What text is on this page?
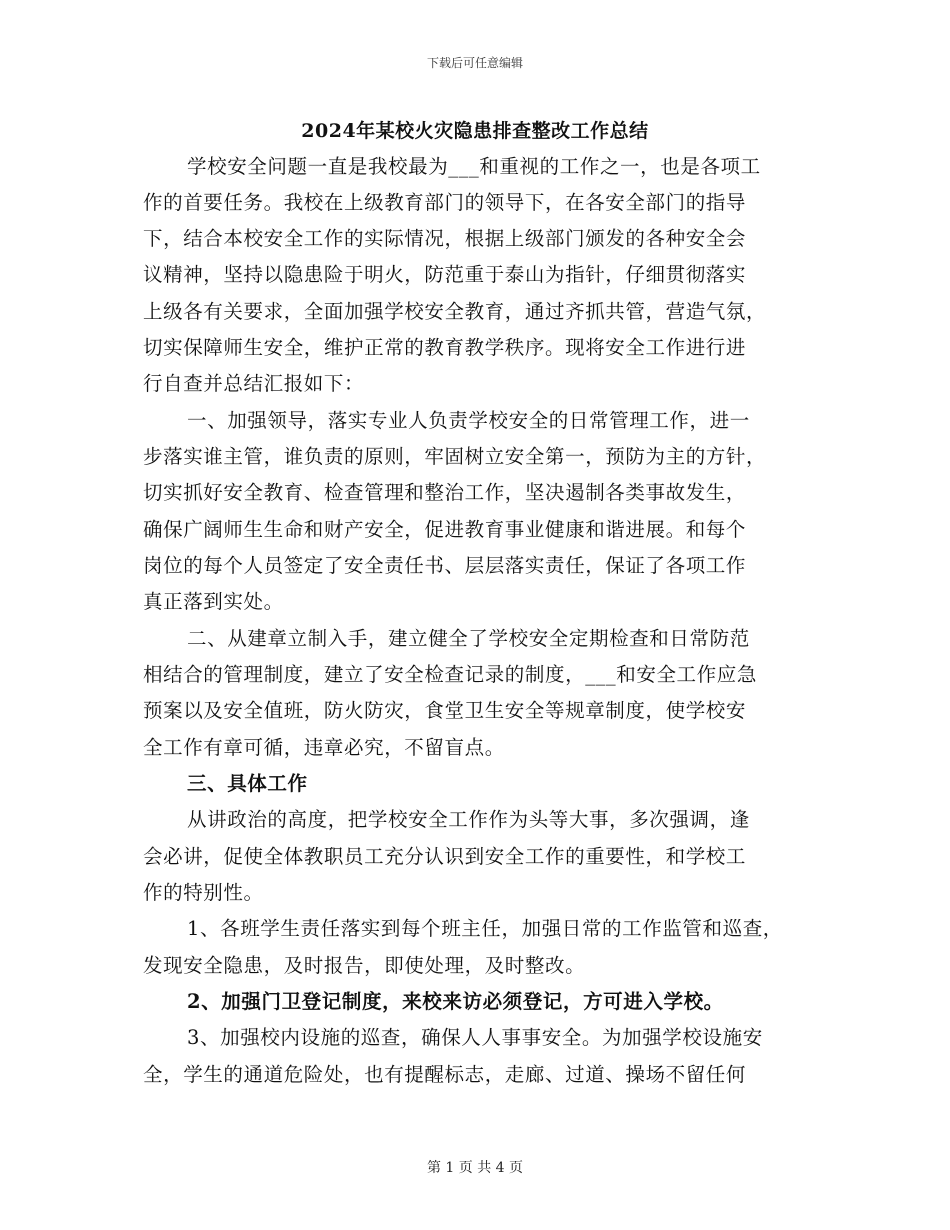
下载后可任意编辑
2024年某校火灾隐患排查整改工作总结
学校安全问题一直是我校最为___和重视的工作之一，也是各项工
作的首要任务。我校在上级教育部门的领导下，在各安全部门的指导
下，结合本校安全工作的实际情况，根据上级部门颁发的各种安全会
议精神，坚持以隐患险于明火，防范重于泰山为指针，仔细贯彻落实
上级各有关要求，全面加强学校安全教育，通过齐抓共管，营造气氛，
切实保障师生安全，维护正常的教育教学秩序。现将安全工作进行进
行自查并总结汇报如下：
一、加强领导，落实专业人负责学校安全的日常管理工作，进一
步落实谁主管，谁负责的原则，牢固树立安全第一，预防为主的方针，
切实抓好安全教育、检查管理和整治工作，坚决遏制各类事故发生，
确保广阔师生生命和财产安全，促进教育事业健康和谐进展。和每个
岗位的每个人员签定了安全责任书、层层落实责任，保证了各项工作
真正落到实处。
二、从建章立制入手，建立健全了学校安全定期检查和日常防范
相结合的管理制度，建立了安全检查记录的制度，___和安全工作应急
预案以及安全值班，防火防灾，食堂卫生安全等规章制度，使学校安
全工作有章可循，违章必究，不留盲点。
三、具体工作
从讲政治的高度，把学校安全工作作为头等大事，多次强调，逢
会必讲，促使全体教职员工充分认识到安全工作的重要性，和学校工
作的特别性。
1、各班学生责任落实到每个班主任，加强日常的工作监管和巡查，
发现安全隐患，及时报告，即使处理，及时整改。
2、加强门卫登记制度，来校来访必须登记，方可进入学校。
3、加强校内设施的巡查，确保人人事事安全。为加强学校设施安
全，学生的通道危险处，也有提醒标志，走廊、过道、操场不留任何
第 1 页 共 4 页
